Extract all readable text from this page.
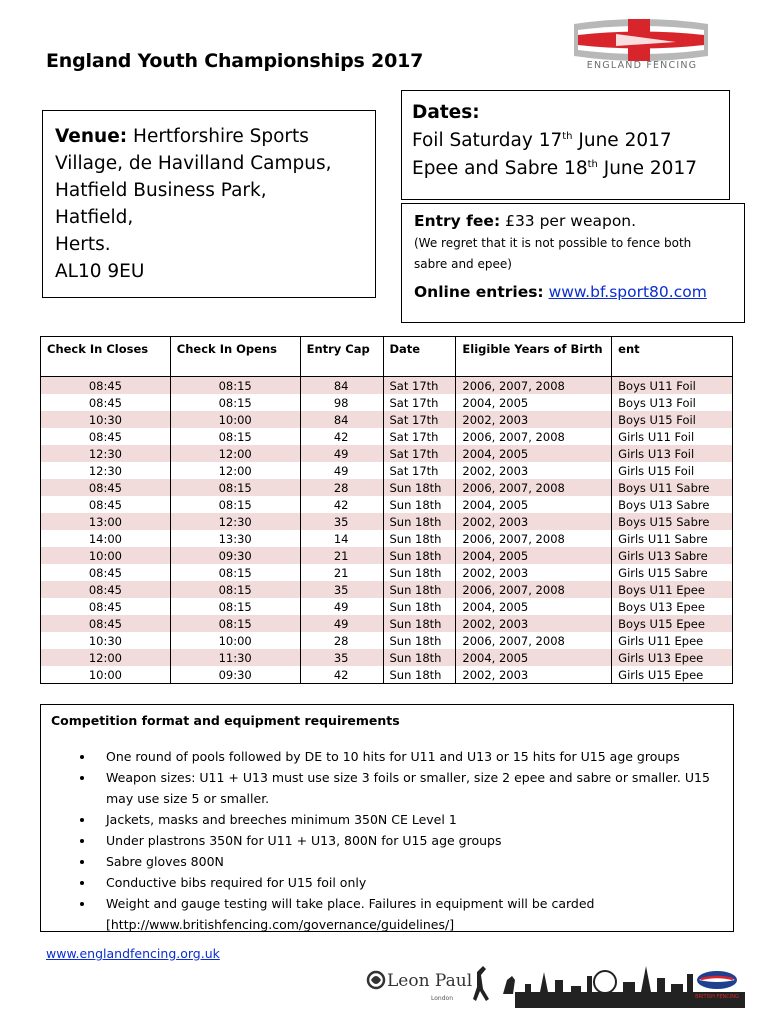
England Youth Championships 2017	ENGLAND FENCING
Venue: Hertforshire Sports
Village, de Havilland Campus,
Hatfield Business Park,
Hatfield,
Herts.
AL10 9EU
Dates:
Foil Saturday 17th June 2017
Epee and Sabre 18th June 2017
Entry fee: £33 per weapon.
(We regret that it is not possible to fence both sabre and epee)
Online entries: www.bf.sport80.com
Check In Closes	Check In Opens	Entry Cap	Date	Eligible Years of Birth	ent
08:45	08:15	84	Sat 17th	2006, 2007, 2008	Boys U11 Foil
08:45	08:15	98	Sat 17th	2004, 2005	Boys U13 Foil
10:30	10:00	84	Sat 17th	2002, 2003	Boys U15 Foil
08:45	08:15	42	Sat 17th	2006, 2007, 2008	Girls U11 Foil
12:30	12:00	49	Sat 17th	2004, 2005	Girls U13 Foil
12:30	12:00	49	Sat 17th	2002, 2003	Girls U15 Foil
08:45	08:15	28	Sun 18th	2006, 2007, 2008	Boys U11 Sabre
08:45	08:15	42	Sun 18th	2004, 2005	Boys U13 Sabre
13:00	12:30	35	Sun 18th	2002, 2003	Boys U15 Sabre
14:00	13:30	14	Sun 18th	2006, 2007, 2008	Girls U11 Sabre
10:00	09:30	21	Sun 18th	2004, 2005	Girls U13 Sabre
08:45	08:15	21	Sun 18th	2002, 2003	Girls U15 Sabre
08:45	08:15	35	Sun 18th	2006, 2007, 2008	Boys U11 Epee
08:45	08:15	49	Sun 18th	2004, 2005	Boys U13 Epee
08:45	08:15	49	Sun 18th	2002, 2003	Boys U15 Epee
10:30	10:00	28	Sun 18th	2006, 2007, 2008	Girls U11 Epee
12:00	11:30	35	Sun 18th	2004, 2005	Girls U13 Epee
10:00	09:30	42	Sun 18th	2002, 2003	Girls U15 Epee
Competition format and equipment requirements
• One round of pools followed by DE to 10 hits for U11 and U13 or 15 hits for U15 age groups
• Weapon sizes: U11 + U13 must use size 3 foils or smaller, size 2 epee and sabre or smaller. U15 may use size 5 or smaller.
• Jackets, masks and breeches minimum 350N CE Level 1
• Under plastrons 350N for U11 + U13, 800N for U15 age groups
• Sabre gloves 800N
• Conductive bibs required for U15 foil only
• Weight and gauge testing will take place. Failures in equipment will be carded [http://www.britishfencing.com/governance/guidelines/]
www.englandfencing.org.uk
Leon Paul
London	BRITISH FENCING
